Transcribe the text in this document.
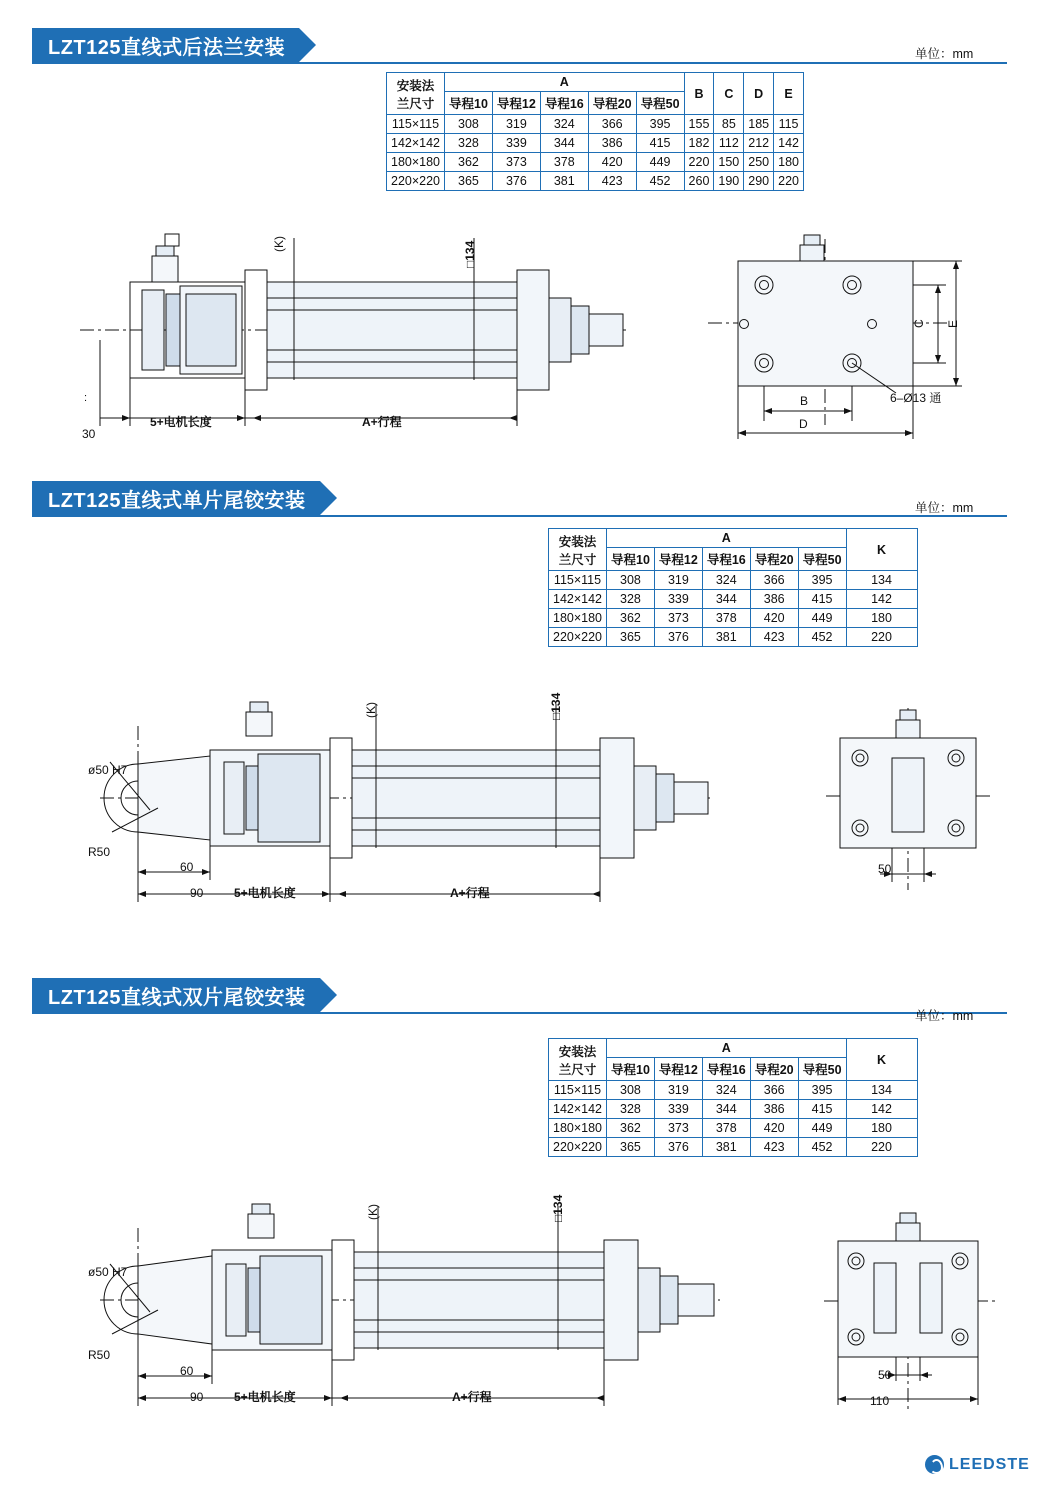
LZT125直线式后法兰安装	单位：mm
安装法
兰尺寸	A					B	C	D	E
	导程10	导程12	导程16	导程20	导程50				
115×115	308	319	324	366	395	155	85	185	115
142×142	328	339	344	386	415	182	112	212	142
180×180	362	373	378	420	449	220	150	250	180
220×220	365	376	381	423	452	260	190	290	220
(K)	□134
30
5+电机长度	A+行程
:	B
D
C E
6–Ø13 通
LZT125直线式单片尾铰安装	单位：mm
安装法
兰尺寸	A					K
	导程10	导程12	导程16	导程20	导程50	
115×115	308	319	324	366	395	134
142×142	328	339	344	386	415	142
180×180	362	373	378	420	449	180
220×220	365	376	381	423	452	220
(K)	□134
ø50 H7
R50
60
90	5+电机长度	A+行程
50
LZT125直线式双片尾铰安装
单位：mm
安装法
兰尺寸	A					K
	导程10	导程12	导程16	导程20	导程50	
115×115	308	319	324	366	395	134
142×142	328	339	344	386	415	142
180×180	362	373	378	420	449	180
220×220	365	376	381	423	452	220
(K)	□134
ø50 H7
R50
60
90	5+电机长度	A+行程
50
110
LEEDSTE
